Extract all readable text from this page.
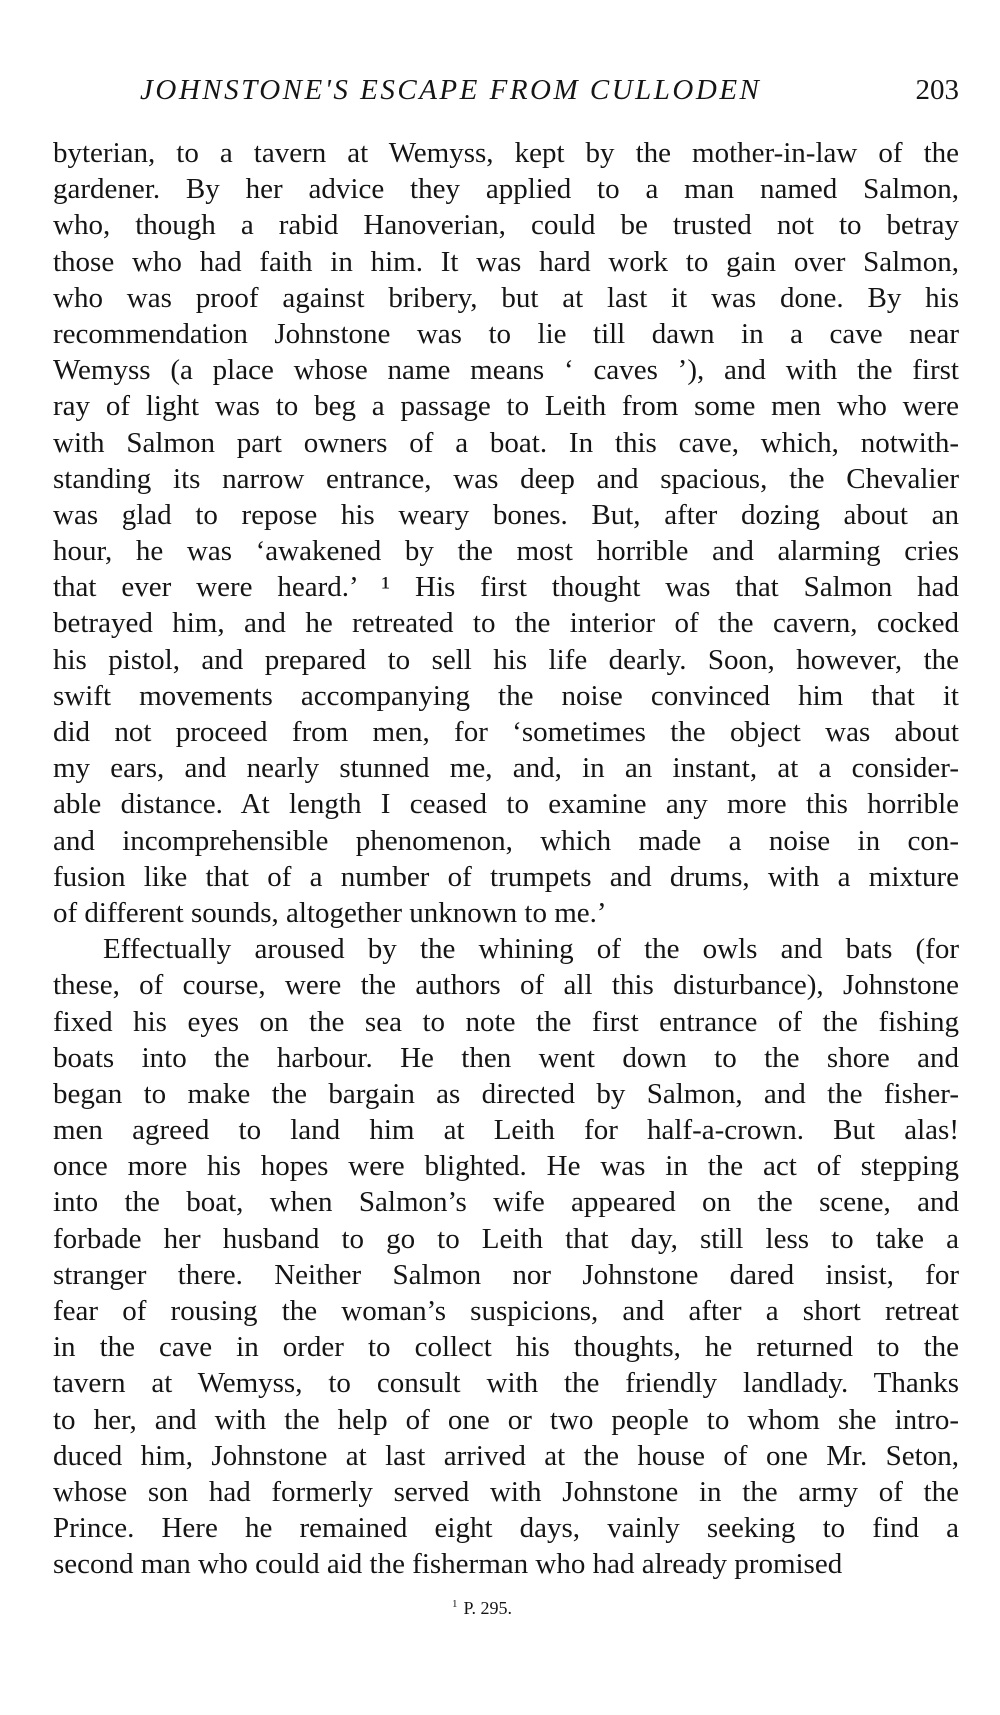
JOHNSTONE'S ESCAPE FROM CULLODEN	203
byterian, to a tavern at Wemyss, kept by the mother-in-law of the
gardener. By her advice they applied to a man named Salmon,
who, though a rabid Hanoverian, could be trusted not to betray
those who had faith in him. It was hard work to gain over Salmon,
who was proof against bribery, but at last it was done. By his
recommendation Johnstone was to lie till dawn in a cave near
Wemyss (a place whose name means ‘ caves ’), and with the first
ray of light was to beg a passage to Leith from some men who were
with Salmon part owners of a boat. In this cave, which, notwith-
standing its narrow entrance, was deep and spacious, the Chevalier
was glad to repose his weary bones. But, after dozing about an
hour, he was ‘awakened by the most horrible and alarming cries
that ever were heard.’ ¹ His first thought was that Salmon had
betrayed him, and he retreated to the interior of the cavern, cocked
his pistol, and prepared to sell his life dearly. Soon, however, the
swift movements accompanying the noise convinced him that it
did not proceed from men, for ‘sometimes the object was about
my ears, and nearly stunned me, and, in an instant, at a consider-
able distance. At length I ceased to examine any more this horrible
and incomprehensible phenomenon, which made a noise in con-
fusion like that of a number of trumpets and drums, with a mixture
of different sounds, altogether unknown to me.’
Effectually aroused by the whining of the owls and bats (for
these, of course, were the authors of all this disturbance), Johnstone
fixed his eyes on the sea to note the first entrance of the fishing
boats into the harbour. He then went down to the shore and
began to make the bargain as directed by Salmon, and the fisher-
men agreed to land him at Leith for half-a-crown. But alas!
once more his hopes were blighted. He was in the act of stepping
into the boat, when Salmon’s wife appeared on the scene, and
forbade her husband to go to Leith that day, still less to take a
stranger there. Neither Salmon nor Johnstone dared insist, for
fear of rousing the woman’s suspicions, and after a short retreat
in the cave in order to collect his thoughts, he returned to the
tavern at Wemyss, to consult with the friendly landlady. Thanks
to her, and with the help of one or two people to whom she intro-
duced him, Johnstone at last arrived at the house of one Mr. Seton,
whose son had formerly served with Johnstone in the army of the
Prince. Here he remained eight days, vainly seeking to find a
second man who could aid the fisherman who had already promised
$^1$ P. 295.
